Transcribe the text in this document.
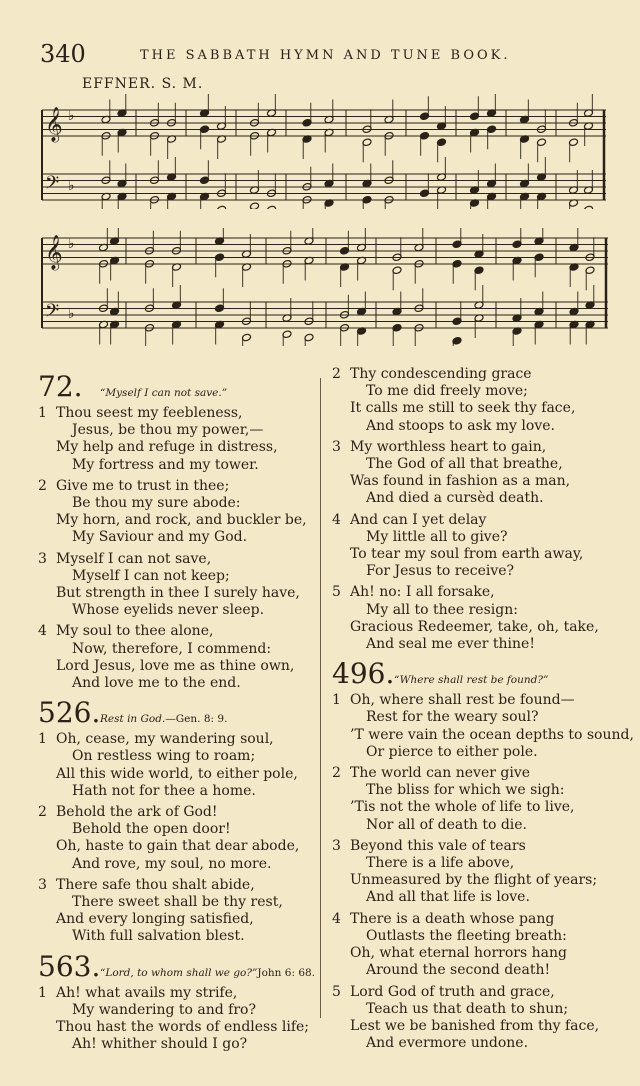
340	THE SABBATH HYMN AND TUNE BOOK.
EFFNER. S. M.
𝄞 ♭
𝄢 ♭
𝄞 ♭
𝄢 ♭
72.	“Myself I can not save.”
1 Thou seest my feebleness,
Jesus, be thou my power,—
My help and refuge in distress,
My fortress and my tower.
2 Give me to trust in thee;
Be thou my sure abode:
My horn, and rock, and buckler be,
My Saviour and my God.
3 Myself I can not save,
Myself I can not keep;
But strength in thee I surely have,
Whose eyelids never sleep.
4 My soul to thee alone,
Now, therefore, I commend:
Lord Jesus, love me as thine own,
And love me to the end.
526. Rest in God.—Gen. 8: 9.
1 Oh, cease, my wandering soul,
On restless wing to roam;
All this wide world, to either pole,
Hath not for thee a home.
2 Behold the ark of God!
Behold the open door!
Oh, haste to gain that dear abode,
And rove, my soul, no more.
3 There safe thou shalt abide,
There sweet shall be thy rest,
And every longing satisfied,
With full salvation blest.
563. “Lord, to whom shall we go?”John 6: 68.
1 Ah! what avails my strife,
My wandering to and fro?
Thou hast the words of endless life;
Ah! whither should I go?
2 Thy condescending grace
To me did freely move;
It calls me still to seek thy face,
And stoops to ask my love.
3 My worthless heart to gain,
The God of all that breathe,
Was found in fashion as a man,
And died a cursèd death.
4 And can I yet delay
My little all to give?
To tear my soul from earth away,
For Jesus to receive?
5 Ah! no: I all forsake,
My all to thee resign:
Gracious Redeemer, take, oh, take,
And seal me ever thine!
496. “Where shall rest be found?”
1 Oh, where shall rest be found—
Rest for the weary soul?
’T were vain the ocean depths to sound,
Or pierce to either pole.
2 The world can never give
The bliss for which we sigh:
’Tis not the whole of life to live,
Nor all of death to die.
3 Beyond this vale of tears
There is a life above,
Unmeasured by the flight of years;
And all that life is love.
4 There is a death whose pang
Outlasts the fleeting breath:
Oh, what eternal horrors hang
Around the second death!
5 Lord God of truth and grace,
Teach us that death to shun;
Lest we be banished from thy face,
And evermore undone.
